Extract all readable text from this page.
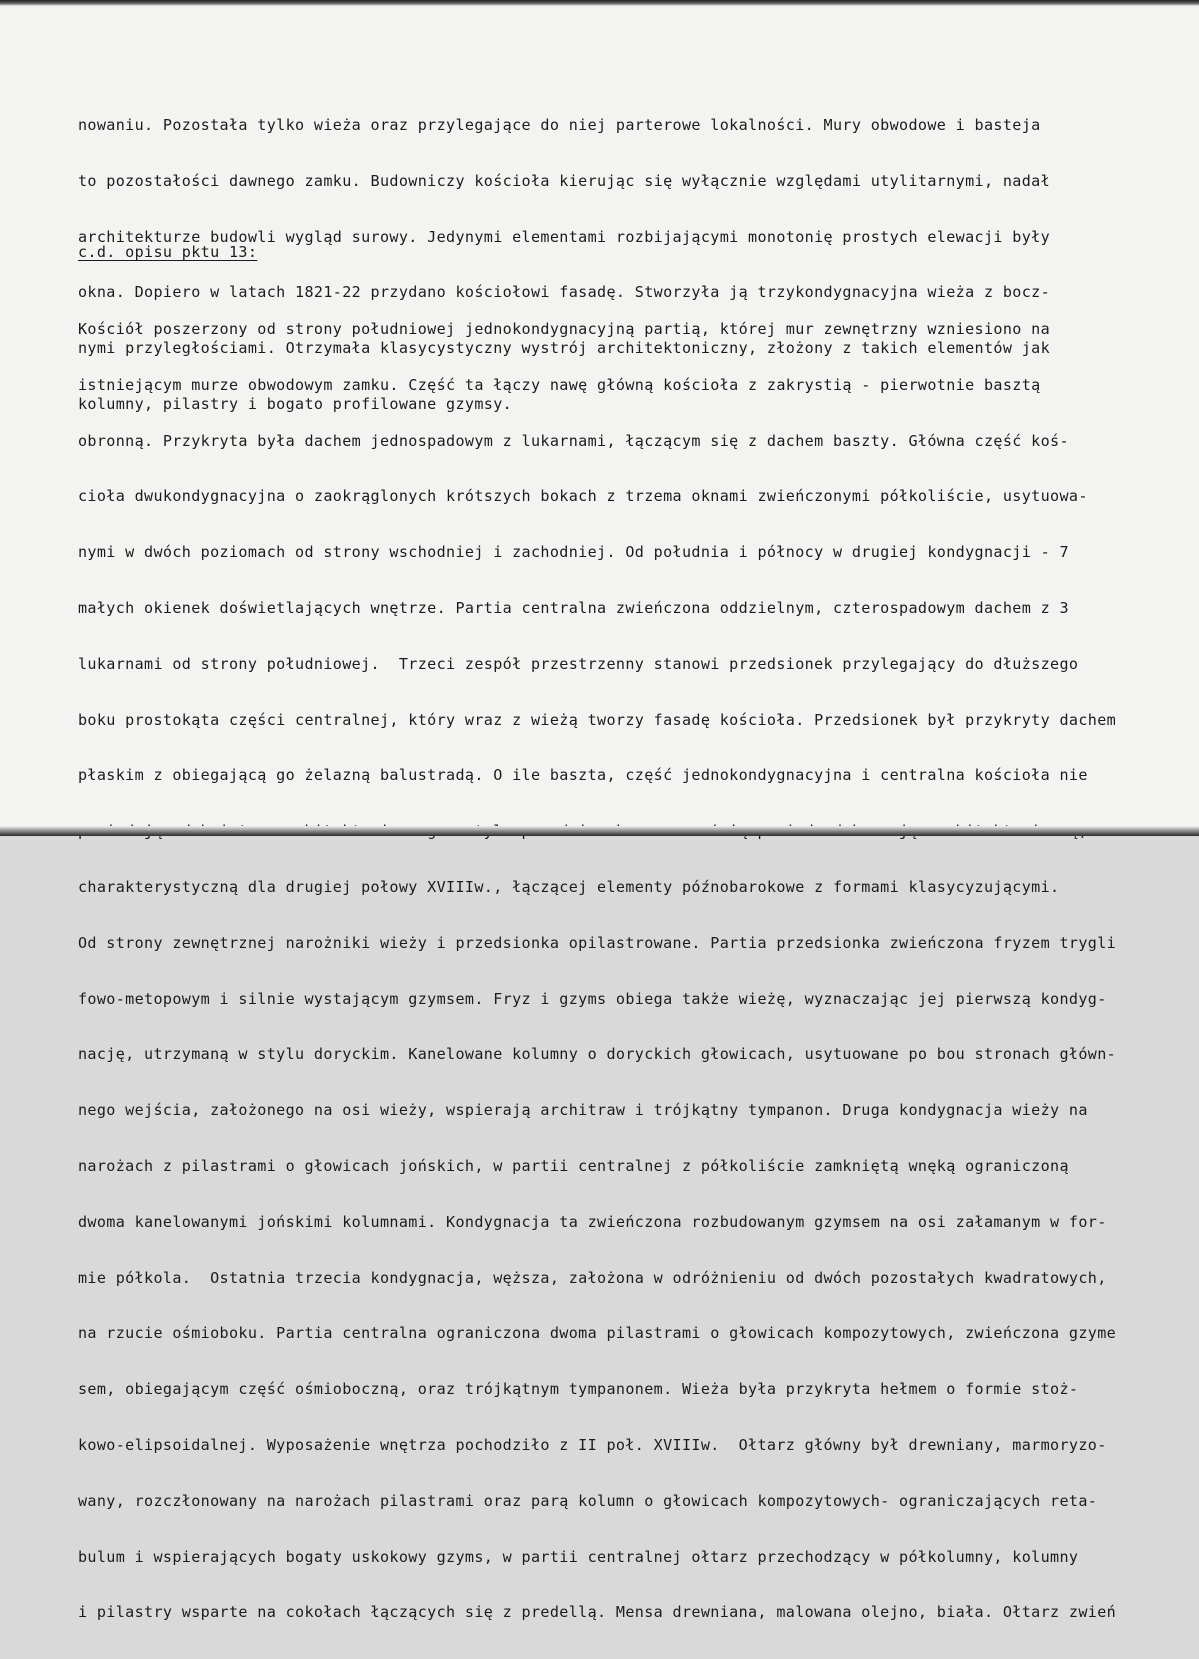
nowaniu. Pozostała tylko wieża oraz przylegające do niej parterowe lokalności. Mury obwodowe i basteja

to pozostałości dawnego zamku. Budowniczy kościoła kierując się wyłącznie względami utylitarnymi, nadał

architekturze budowli wygląd surowy. Jedynymi elementami rozbijającymi monotonię prostych elewacji były

okna. Dopiero w latach 1821-22 przydano kościołowi fasadę. Stworzyła ją trzykondygnacyjna wieża z bocz-

nymi przyległościami. Otrzymała klasycystyczny wystrój architektoniczny, złożony z takich elementów jak

kolumny, pilastry i bogato profilowane gzymsy.

c.d. opisu pktu 13:

Kościół poszerzony od strony południowej jednokondygnacyjną partią, której mur zewnętrzny wzniesiono na

istniejącym murze obwodowym zamku. Część ta łączy nawę główną kościoła z zakrystią - pierwotnie basztą

obronną. Przykryta była dachem jednospadowym z lukarnami, łączącym się z dachem baszty. Główna część koś-

cioła dwukondygnacyjna o zaokrąglonych krótszych bokach z trzema oknami zwieńczonymi półkoliście, usytuowa-

nymi w dwóch poziomach od strony wschodniej i zachodniej. Od południa i północy w drugiej kondygnacji - 7

małych okienek doświetlających wnętrze. Partia centralna zwieńczona oddzielnym, czterospadowym dachem z 3

lukarnami od strony południowej.  Trzeci zespół przestrzenny stanowi przedsionek przylegający do dłuższego

boku prostokąta części centralnej, który wraz z wieżą tworzy fasadę kościoła. Przedsionek był przykryty dachem

płaskim z obiegającą go żelazną balustradą. O ile baszta, część jednokondygnacyjna i centralna kościoła nie

charakterystyczną dla drugiej połowy XVIIIw., łączącej elementy późnobarokowe z formami klasycyzującymi.

Od strony zewnętrznej narożniki wieży i przedsionka opilastrowane. Partia przedsionka zwieńczona fryzem trygli

fowo-metopowym i silnie wystającym gzymsem. Fryz i gzyms obiega także wieżę, wyznaczając jej pierwszą kondyg-

nację, utrzymaną w stylu doryckim. Kanelowane kolumny o doryckich głowicach, usytuowane po bou stronach główn-

nego wejścia, założonego na osi wieży, wspierają architraw i trójkątny tympanon. Druga kondygnacja wieży na

narożach z pilastrami o głowicach jońskich, w partii centralnej z półkoliście zamkniętą wnęką ograniczoną

dwoma kanelowanymi jońskimi kolumnami. Kondygnacja ta zwieńczona rozbudowanym gzymsem na osi załamanym w for-

mie półkola.  Ostatnia trzecia kondygnacja, węższa, założona w odróżnieniu od dwóch pozostałych kwadratowych,

na rzucie ośmioboku. Partia centralna ograniczona dwoma pilastrami o głowicach kompozytowych, zwieńczona gzyme

sem, obiegającym część ośmioboczną, oraz trójkątnym tympanonem. Wieża była przykryta hełmem o formie stoż-

kowo-elipsoidalnej. Wyposażenie wnętrza pochodziło z II poł. XVIIIw.  Ołtarz główny był drewniany, marmoryzo-

wany, rozczłonowany na narożach pilastrami oraz parą kolumn o głowicach kompozytowych- ograniczających reta-

bulum i wspierających bogaty uskokowy gzyms, w partii centralnej ołtarz przechodzący w półkolumny, kolumny

i pilastry wsparte na cokołach łączących się z predellą. Mensa drewniana, malowana olejno, biała. Ołtarz zwień
